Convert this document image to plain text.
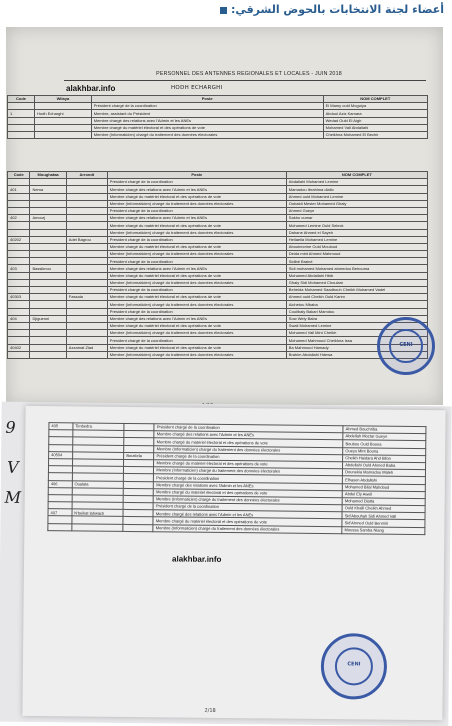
أعضاء لجنة الانتخابات بالحوض الشرقي:
PERSONNEL DES ANTENNES REGIONALES ET LOCALES - JUIN 2018
alakhbar.info	HODH ECHARGHI
Code	Wilaya	Poste	NOM COMPLET
		Président chargé de la coordination	El Mamy ould Moguiya
1	Hodh Echarghi	Membre, assistant du Président	Abdoul Aziz Kamara
		Membre chargé des relations avec l'Admin et les ANEs	Wedad Ould El Aigh
		Membre chargé du matériel électoral et des opérations de vote	Mohamed Vall Abdallahi
		Membre (Informaticien) chargé du traitement des données électorales	Cheikhna Mohamed El Bechir
Code	Moughataa	Arrondt	Poste	NOM COMPLET
			Président chargé de la coordination	Abdallahi Mohamed Lemine
401	Nema		Membre chargé des relations avec l'Admin et les ANEs	Mamadou Ibrahima diallo
			Membre chargé du matériel électoral et des opérations de vote	Ahmed ould Mohamed Lemine
			Membre (Informaticien) chargé du traitement des données électorales	Oubaidi Mester Mohamed Ghaly
			Président chargé de la coordination	Ahmed Gueye
402	Amourj		Membre chargé des relations avec l'Admin et les ANEs	Sakho oumar
			Membre chargé du matériel électoral et des opérations de vote	Mohamed Lemine Ould Seleck
			Membre (Informaticien) chargé du traitement des données électorales	Dahane Ahmed el Sayeh
40202		Adel Bagrou	Président chargé de la coordination	Hellaella Mohamed Lemine
			Membre chargé du matériel électoral et des opérations de vote	Aboubecrine Ould Mouloud
			Membre (Informaticien) chargé du traitement des données électorales	Deida mint Ahmed Mahmoud
			Président chargé de la coordination	Sidibé Brainé
403	Bassiknou		Membre chargé des relations avec l'Admin et les ANEs	Sidi mohamed Mohamed ahmedou Beirouma
			Membre chargé du matériel électoral et des opérations de vote	Mohamed Abdallahi Hbib
			Membre (Informaticien) chargé du traitement des données électorales	Ghaly Sidi Mohamed Choulam
			Président chargé de la coordination	Beheida Mohamed Saadbouh Cheikh Mohamed Vadel
40303		Fassala	Membre chargé du matériel électoral et des opérations de vote	Ahmed ould Cheikh Ould Karim
			Membre (Informaticien) chargé du traitement des données électorales	Aichetou Mbaba
			Président chargé de la coordination	Coulibaly Bakari Mamdou
404	Djiguenni		Membre chargé des relations avec l'Admin et les ANEs	Sow Wely Baba
			Membre chargé du matériel électoral et des opérations de vote	Swali Mohamed Lemine
			Membre (Informaticien) chargé du traitement des données électorales	Mohamed Vall Mint Cheikh
			Président chargé de la coordination	Mohamed Mahmoud Cheikhna Issa
40402		Azzamat Ziad	Membre chargé du matériel électoral et des opérations de vote	Ba Mahmoud Hamady
			Membre (Informaticien) chargé du traitement des données électorales	Brahim Abdallahi Hdewa
CENI
405	Timbedra		Président chargé de la coordination	Ahmed Bouchriba
			Membre chargé des relations avec l'Admin et les ANEs	Abdellah Moctar Gueye
			Membre chargé du matériel électoral et des opérations de vote	Boubou Ould Bouna
			Membre (Informaticien) chargé du traitement des données électorales	Oueys Mint Bouna
40504		Boustela	Président chargé de la coordination	Cheikh Haidara Ahd Bilon
			Membre chargé du matériel électoral et des opérations de vote	Abdellahi Ould Ahmed Baba
			Membre (Informaticien) chargé du traitement des données électorales	Dounekia Marnadou Maleh
			Président chargé de la coordination	Elhasen Abdallahi
406	Oualata		Membre chargé des relations avec l'Admin et les ANEs	Mohamed Bilal Mahdoud
			Membre chargé du matériel électoral et des opérations de vote	Abdel Ely Aweil
			Membre (Informaticien) chargé du traitement des données électorales	Mohamed Diatta
			Président chargé de la coordination	Ould Khalil Cheikh Ahmed
407	N'beikat lahwach		Membre chargé des relations avec l'Admin et les ANEs	Sid'Abouhah Sidi Ahmed Vall
			Membre chargé du matériel électoral et des opérations de vote	Sid'Ahmed Ould Benmiri
			Membre (Informaticien) chargé du traitement des données électorales	Moussa Samba Niang
alakhbar.info
CENI
2/18
9
V
M
